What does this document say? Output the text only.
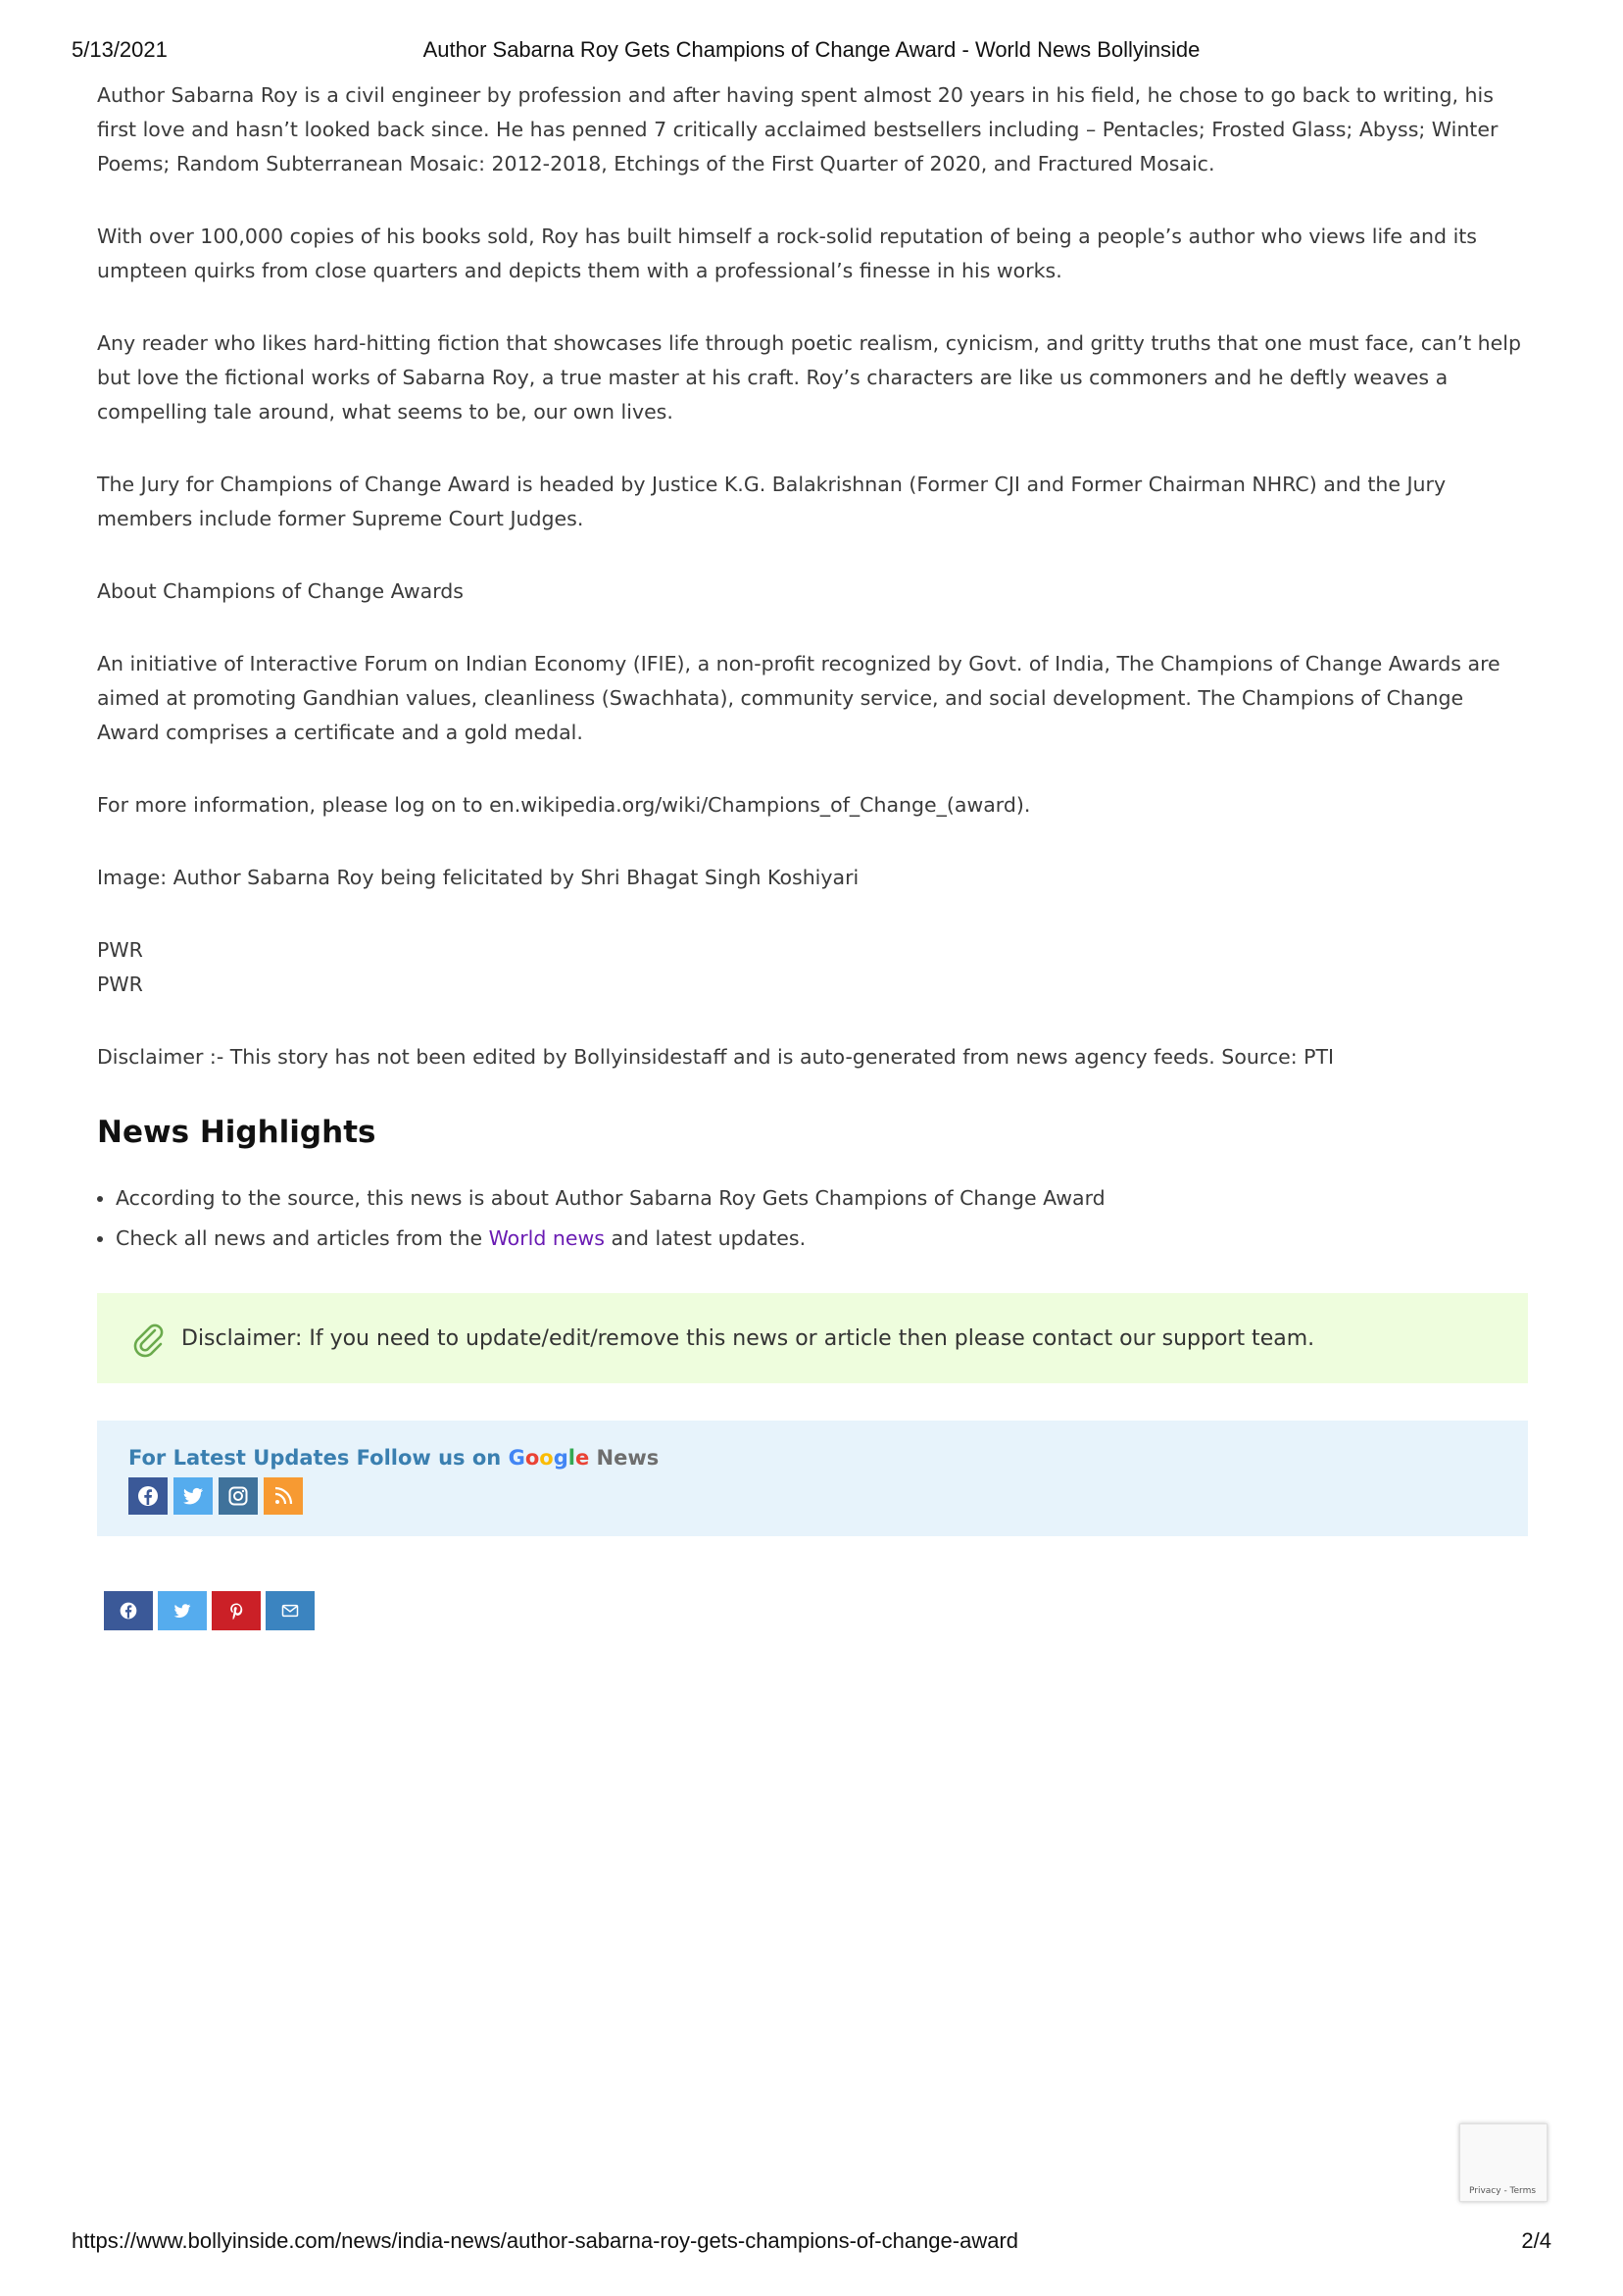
5/13/2021	Author Sabarna Roy Gets Champions of Change Award - World News Bollyinside

Author Sabarna Roy is a civil engineer by profession and after having spent almost 20 years in his field, he chose to go back to writing, his first love and hasn’t looked back since. He has penned 7 critically acclaimed bestsellers including – Pentacles; Frosted Glass; Abyss; Winter Poems; Random Subterranean Mosaic: 2012-2018, Etchings of the First Quarter of 2020, and Fractured Mosaic.

With over 100,000 copies of his books sold, Roy has built himself a rock-solid reputation of being a people’s author who views life and its umpteen quirks from close quarters and depicts them with a professional’s finesse in his works.

Any reader who likes hard-hitting fiction that showcases life through poetic realism, cynicism, and gritty truths that one must face, can’t help but love the fictional works of Sabarna Roy, a true master at his craft. Roy’s characters are like us commoners and he deftly weaves a compelling tale around, what seems to be, our own lives.

The Jury for Champions of Change Award is headed by Justice K.G. Balakrishnan (Former CJI and Former Chairman NHRC) and the Jury members include former Supreme Court Judges.

About Champions of Change Awards

An initiative of Interactive Forum on Indian Economy (IFIE), a non-profit recognized by Govt. of India, The Champions of Change Awards are aimed at promoting Gandhian values, cleanliness (Swachhata), community service, and social development. The Champions of Change Award comprises a certificate and a gold medal.

For more information, please log on to en.wikipedia.org/wiki/Champions_of_Change_(award).

Image: Author Sabarna Roy being felicitated by Shri Bhagat Singh Koshiyari

PWR

PWR

Disclaimer :- This story has not been edited by Bollyinsidestaff and is auto-generated from news agency feeds. Source: PTI

News Highlights
• According to the source, this news is about Author Sabarna Roy Gets Champions of Change Award
• Check all news and articles from the World news and latest updates.
Disclaimer: If you need to update/edit/remove this news or article then please contact our support team.
For Latest Updates Follow us on Google News
Privacy - Terms
https://www.bollyinside.com/news/india-news/author-sabarna-roy-gets-champions-of-change-award	2/4
